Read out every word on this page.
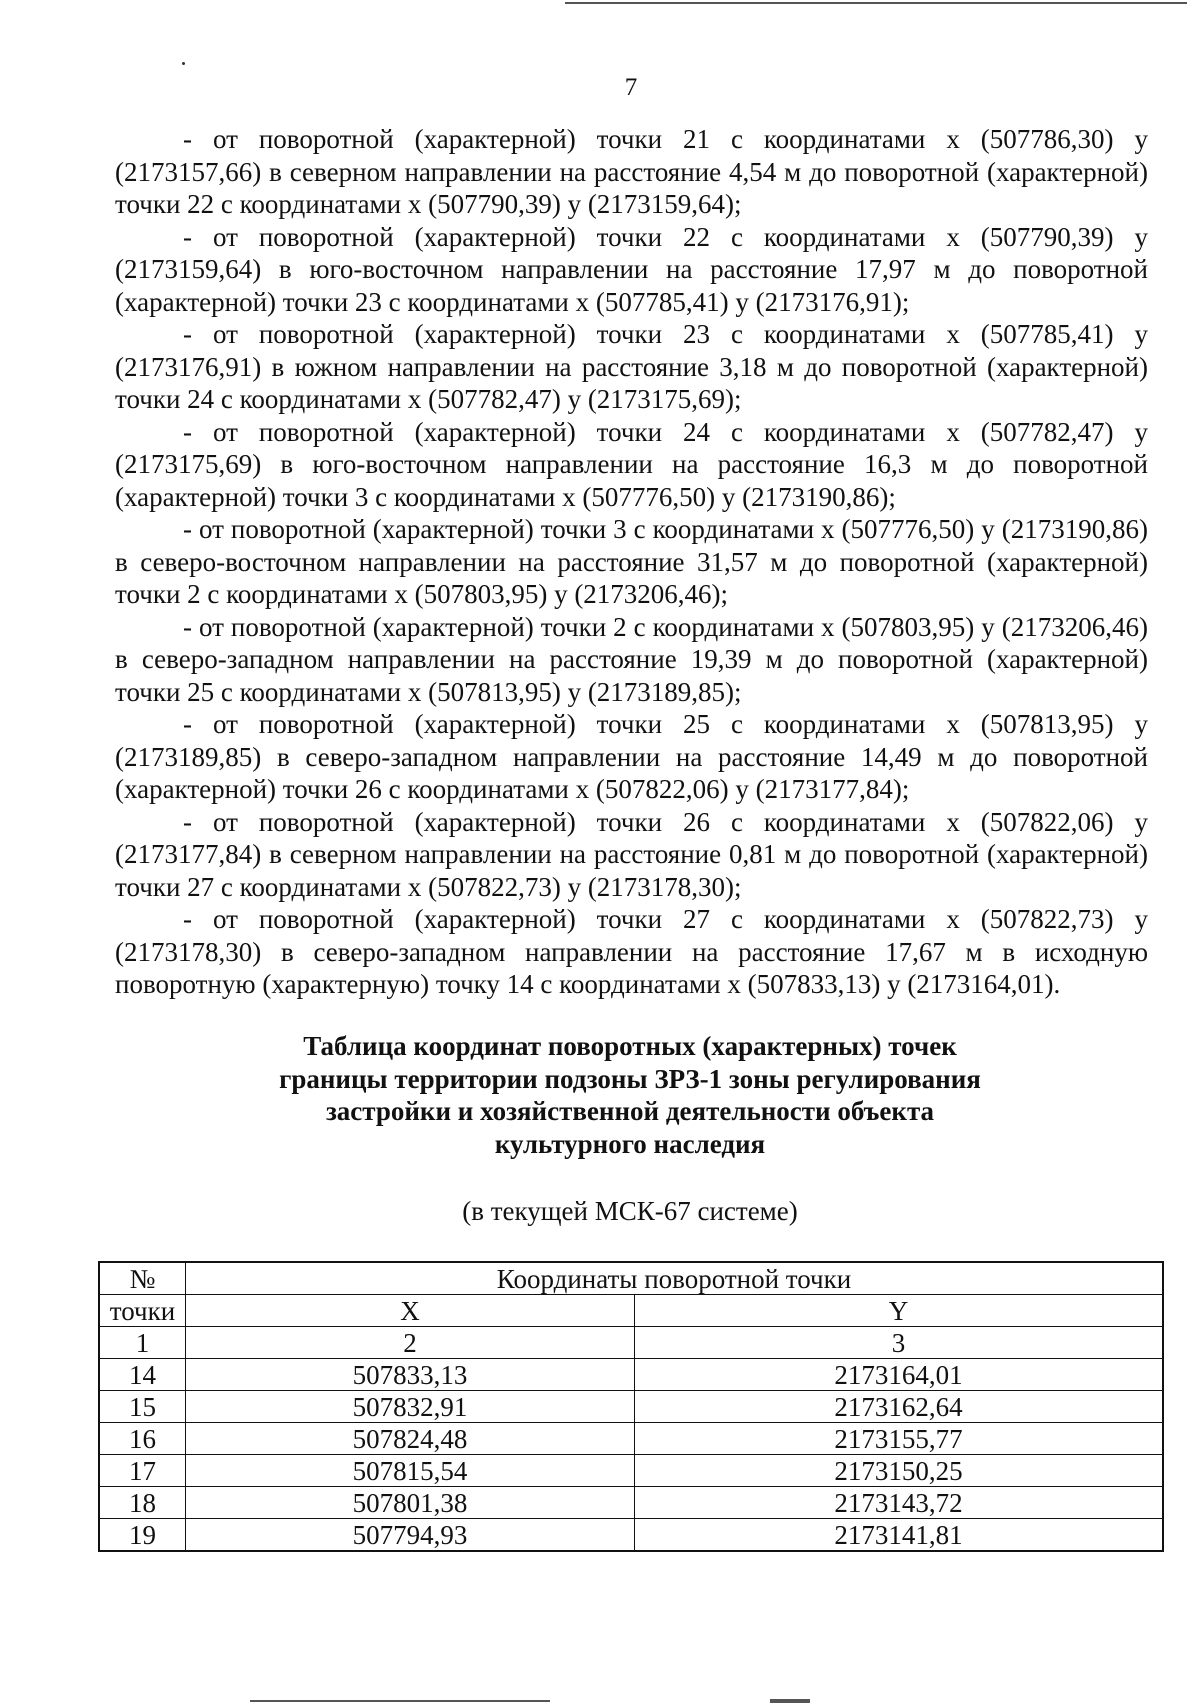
7

- от поворотной (характерной) точки 21 с координатами х (507786,30) у (2173157,66) в северном направлении на расстояние 4,54 м до поворотной (характерной) точки 22 с координатами х (507790,39) у (2173159,64);

- от поворотной (характерной) точки 22 с координатами х (507790,39) у (2173159,64) в юго-восточном направлении на расстояние 17,97 м до поворотной (характерной) точки 23 с координатами х (507785,41) у (2173176,91);

- от поворотной (характерной) точки 23 с координатами х (507785,41) у (2173176,91) в южном направлении на расстояние 3,18 м до поворотной (характерной) точки 24 с координатами х (507782,47) у (2173175,69);

- от поворотной (характерной) точки 24 с координатами х (507782,47) у (2173175,69) в юго-восточном направлении на расстояние 16,3 м до поворотной (характерной) точки 3 с координатами х (507776,50) у (2173190,86);

- от поворотной (характерной) точки 3 с координатами х (507776,50) у (2173190,86) в северо-восточном направлении на расстояние 31,57 м до поворотной (характерной) точки 2 с координатами х (507803,95) у (2173206,46);

- от поворотной (характерной) точки 2 с координатами х (507803,95) у (2173206,46) в северо-западном направлении на расстояние 19,39 м до поворотной (характерной) точки 25 с координатами х (507813,95) у (2173189,85);

- от поворотной (характерной) точки 25 с координатами х (507813,95) у (2173189,85) в северо-западном направлении на расстояние 14,49 м до поворотной (характерной) точки 26 с координатами х (507822,06) у (2173177,84);

- от поворотной (характерной) точки 26 с координатами х (507822,06) у (2173177,84) в северном направлении на расстояние 0,81 м до поворотной (характерной) точки 27 с координатами х (507822,73) у (2173178,30);

- от поворотной (характерной) точки 27 с координатами х (507822,73) у (2173178,30) в северо-западном направлении на расстояние 17,67 м в исходную поворотную (характерную) точку 14 с координатами х (507833,13) у (2173164,01).

Таблица координат поворотных (характерных) точек границы территории подзоны ЗРЗ-1 зоны регулирования застройки и хозяйственной деятельности объекта культурного наследия
(в текущей МСК-67 системе)
№	Координаты поворотной точки	
точки	X	Y
1	2	3
14	507833,13	2173164,01
15	507832,91	2173162,64
16	507824,48	2173155,77
17	507815,54	2173150,25
18	507801,38	2173143,72
19	507794,93	2173141,81
